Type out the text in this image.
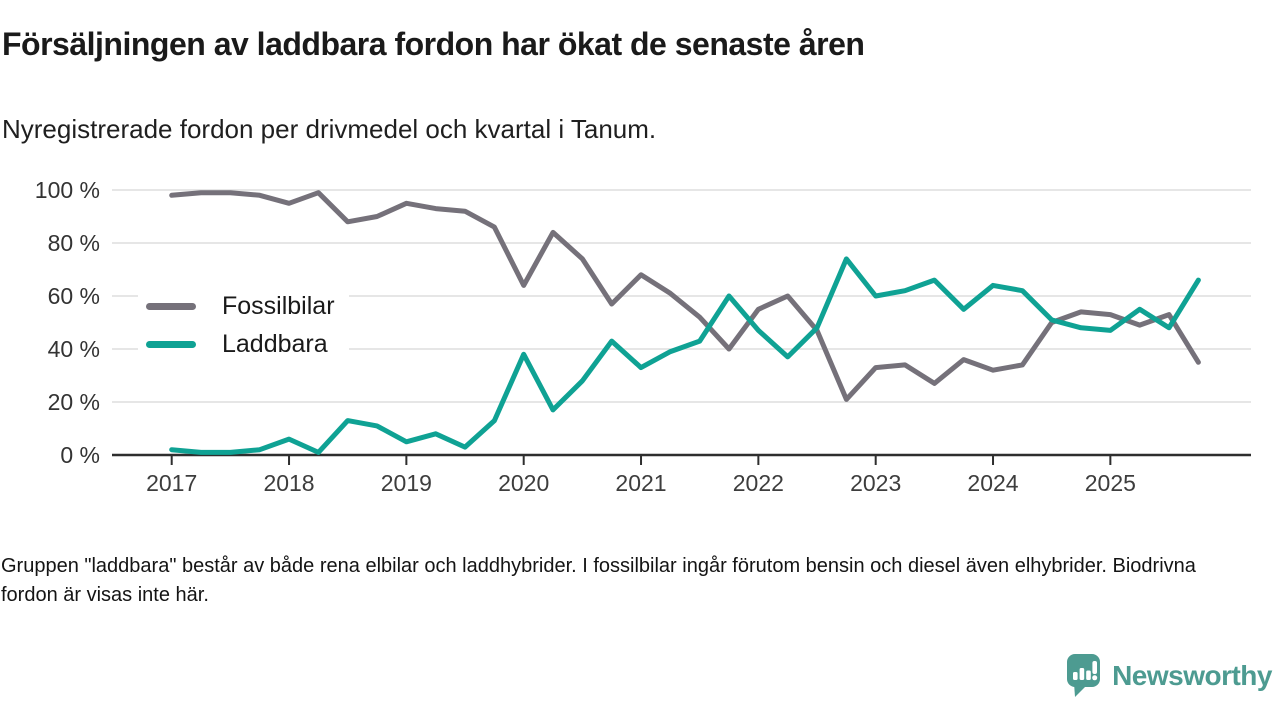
Försäljningen av laddbara fordon har ökat de senaste åren

Nyregistrerade fordon per drivmedel och kvartal i Tanum.

0 %
20 %
40 %
60 %
80 %
100 %
2017	2018	2019	2020	2021	2022	2023	2024	2025
Fossilbilar
Laddbara

Gruppen "laddbara" består av både rena elbilar och laddhybrider. I fossilbilar ingår förutom bensin och diesel även elhybrider. Biodrivna fordon är visas inte här.

Newsworthy
